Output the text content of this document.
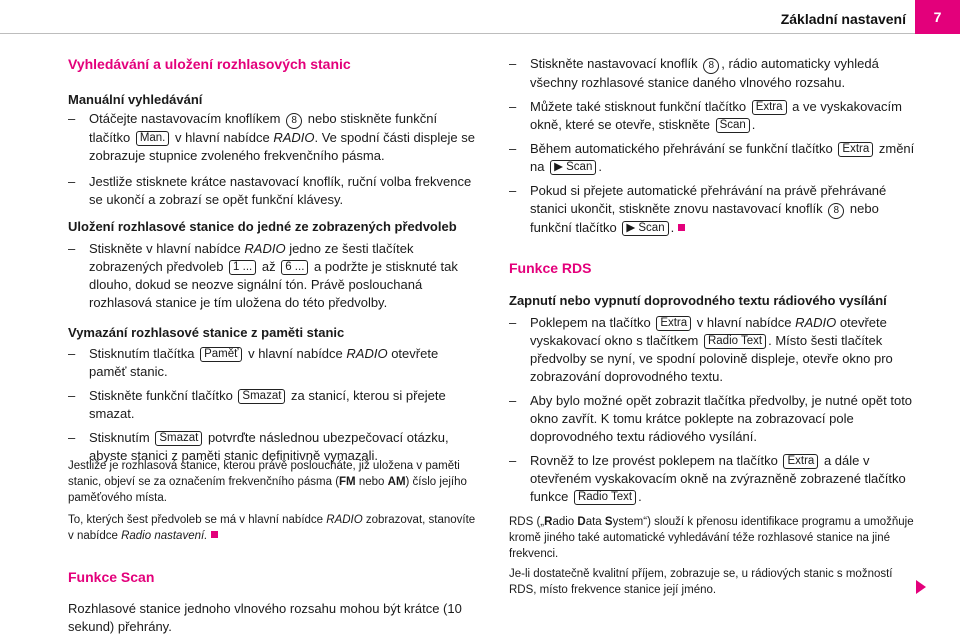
Základní nastavení	7
Vyhledávání a uložení rozhlasových stanic
Manuální vyhledávání
– Otáčejte nastavovacím knoflíkem 8 nebo stiskněte funkční tlačítko Man. v hlavní nabídce RADIO. Ve spodní části displeje se zobrazuje stupnice zvoleného frekvenčního pásma.
– Jestliže stisknete krátce nastavovací knoflík, ruční volba frekvence se ukončí a zobrazí se opět funkční klávesy.
Uložení rozhlasové stanice do jedné ze zobrazených předvoleb
– Stiskněte v hlavní nabídce RADIO jedno ze šesti tlačítek zobrazených předvoleb 1 ... až 6 ... a podržte je stisknuté tak dlouho, dokud se neozve signální tón. Právě poslouchaná rozhlasová stanice je tím uložena do této předvolby.
Vymazání rozhlasové stanice z paměti stanic
– Stisknutím tlačítka Paměť v hlavní nabídce RADIO otevřete paměť stanic.
– Stiskněte funkční tlačítko Smazat za stanicí, kterou si přejete smazat.
– Stisknutím Smazat potvrďte následnou ubezpečovací otázku, abyste stanici z paměti stanic definitivně vymazali.
Jestliže je rozhlasová stanice, kterou právě posloucháte, již uložena v paměti stanic, objeví se za označením frekvenčního pásma (FM nebo AM) číslo jejího paměťového místa.
To, kterých šest předvoleb se má v hlavní nabídce RADIO zobrazovat, stanovíte v nabídce Radio nastavení.
Funkce Scan
Rozhlasové stanice jednoho vlnového rozsahu mohou být krátce (10 sekund) přehrány.
– Stiskněte nastavovací knoflík 8 , rádio automaticky vyhledá všechny rozhlasové stanice daného vlnového rozsahu.
– Můžete také stisknout funkční tlačítko Extra a ve vyskakovacím okně, které se otevře, stiskněte Scan .
– Během automatického přehrávání se funkční tlačítko Extra změní na ▶ Scan .
– Pokud si přejete automatické přehrávání na právě přehrávané stanici ukončit, stiskněte znovu nastavovací knoflík 8 nebo funkční tlačítko ▶ Scan .
Funkce RDS
Zapnutí nebo vypnutí doprovodného textu rádiového vysílání
– Poklepem na tlačítko Extra v hlavní nabídce RADIO otevřete vyskakovací okno s tlačítkem Radio Text . Místo šesti tlačítek předvolby se nyní, ve spodní polovině displeje, otevře okno pro zobrazování doprovodného textu.
– Aby bylo možné opět zobrazit tlačítka předvolby, je nutné opět toto okno zavřít. K tomu krátce poklepte na zobrazovací pole doprovodného textu rádiového vysílání.
– Rovněž to lze provést poklepem na tlačítko Extra a dále v otevřeném vyskakovacím okně na zvýrazněně zobrazené tlačítko funkce Radio Text .
RDS („Radio Data System“) slouží k přenosu identifikace programu a umožňuje kromě jiného také automatické vyhledávání téže rozhlasové stanice na jiné frekvenci.
Je-li dostatečně kvalitní příjem, zobrazuje se, u rádiových stanic s možností RDS, místo frekvence stanice její jméno.
